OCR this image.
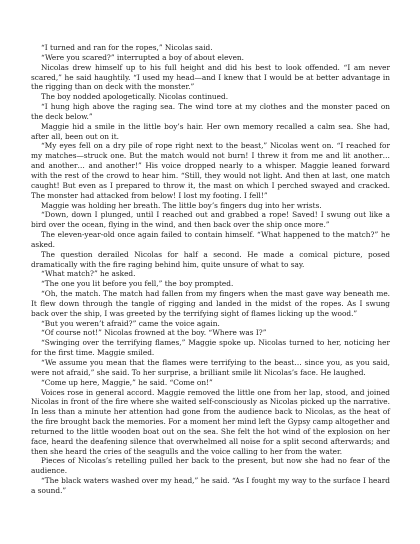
“I turned and ran for the ropes,” Nicolas said.

“Were you scared?” interrupted a boy of about eleven.

Nicolas drew himself up to his full height and did his best to look offended. “I am never scared,” he said haughtily. “I used my head—and I knew that I would be at better advantage in the rigging than on deck with the monster.”

The boy nodded apologetically. Nicolas continued.

“I hung high above the raging sea. The wind tore at my clothes and the monster paced on the deck below.”

Maggie hid a smile in the little boy’s hair. Her own memory recalled a calm sea. She had, after all, been out on it.

“My eyes fell on a dry pile of rope right next to the beast,” Nicolas went on. “I reached for my matches—struck one. But the match would not burn! I threw it from me and lit another… and another… and another!” His voice dropped nearly to a whisper. Maggie leaned forward with the rest of the crowd to hear him. “Still, they would not light. And then at last, one match caught! But even as I prepared to throw it, the mast on which I perched swayed and cracked. The monster had attacked from below! I lost my footing. I fell!”

Maggie was holding her breath. The little boy’s fingers dug into her wrists.

“Down, down I plunged, until I reached out and grabbed a rope! Saved! I swung out like a bird over the ocean, flying in the wind, and then back over the ship once more.”

The eleven-year-old once again failed to contain himself. “What happened to the match?” he asked.

The question derailed Nicolas for half a second. He made a comical picture, posed dramatically with the fire raging behind him, quite unsure of what to say.

“What match?” he asked.

“The one you lit before you fell,” the boy prompted.

“Oh, the match. The match had fallen from my fingers when the mast gave way beneath me. It flew down through the tangle of rigging and landed in the midst of the ropes. As I swung back over the ship, I was greeted by the terrifying sight of flames licking up the wood.”

“But you weren’t afraid?” came the voice again.

“Of course not!” Nicolas frowned at the boy. “Where was I?”

“Swinging over the terrifying flames,” Maggie spoke up. Nicolas turned to her, noticing her for the first time. Maggie smiled.

“We assume you mean that the flames were terrifying to the beast… since you, as you said, were not afraid,” she said. To her surprise, a brilliant smile lit Nicolas’s face. He laughed.

“Come up here, Maggie,” he said. “Come on!”

Voices rose in general accord. Maggie removed the little one from her lap, stood, and joined Nicolas in front of the fire where she waited self-consciously as Nicolas picked up the narrative. In less than a minute her attention had gone from the audience back to Nicolas, as the heat of the fire brought back the memories. For a moment her mind left the Gypsy camp altogether and returned to the little wooden boat out on the sea. She felt the hot wind of the explosion on her face, heard the deafening silence that overwhelmed all noise for a split second afterwards; and then she heard the cries of the seagulls and the voice calling to her from the water.

Pieces of Nicolas’s retelling pulled her back to the present, but now she had no fear of the audience.

“The black waters washed over my head,” he said. “As I fought my way to the surface I heard a sound.”
